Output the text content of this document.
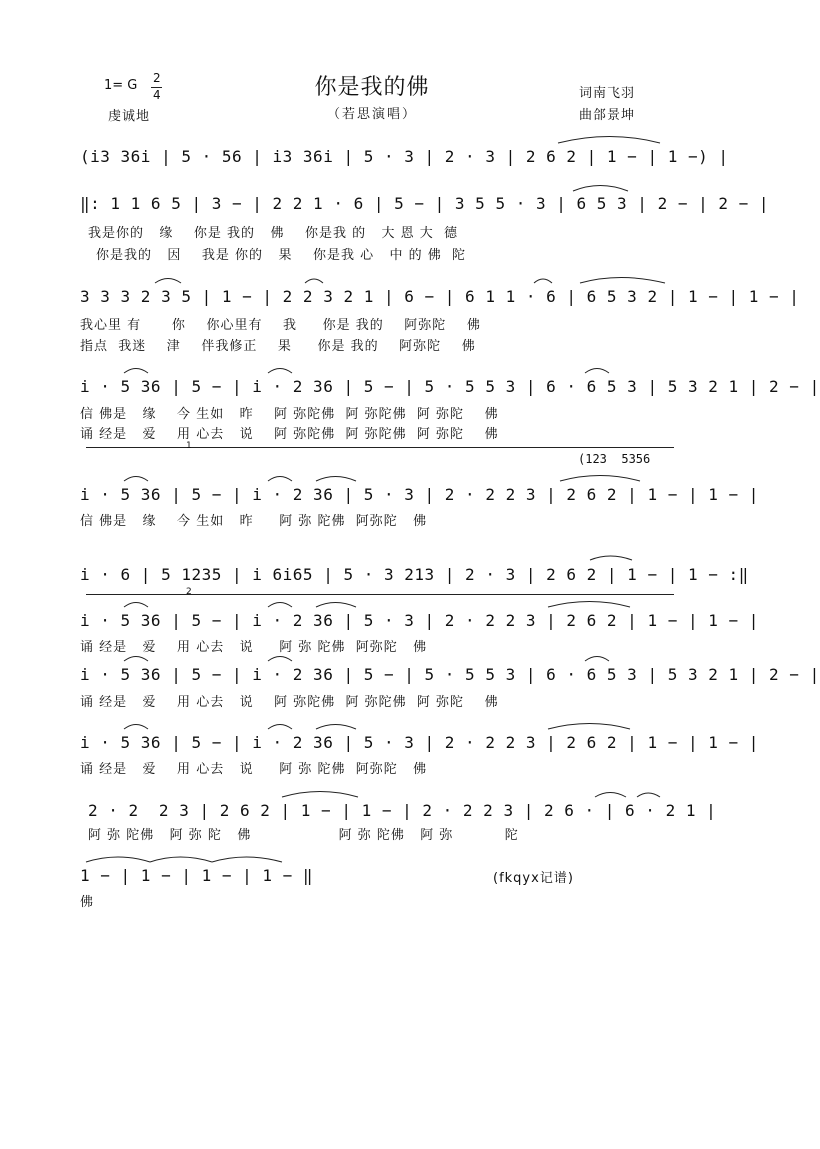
1= G 2
4	你是我的佛
（若思演唱）
词南飞羽
曲郃景坤
虔诚地
(i3 36i | 5 · 56 | i3 36i | 5 · 3 | 2 · 3 | 2 6 2 | 1 − | 1 −) |
‖: 1 1 6 5 | 3 − | 2 2 1 · 6 | 5 − | 3 5 5 · 3 | 6 5 3 | 2 − | 2 − |
我是你的   缘    你是 我的   佛    你是我 的   大 恩 大  德
你是我的   因    我是 你的   果    你是我 心   中 的 佛  陀
3 3 3 2 3 5 | 1 − | 2 2 3 2 1 | 6 − | 6 1 1 · 6 | 6 5 3 2 | 1 − | 1 − |
我心里 有      你    你心里有    我     你是 我的    阿弥陀    佛
指点  我迷    津    伴我修正    果     你是 我的    阿弥陀    佛
i · 5 36 | 5 − | i · 2 36 | 5 − | 5 · 5 5 3 | 6 · 6 5 3 | 5 3 2 1 | 2 − |
信 佛是   缘    今 生如   昨    阿 弥陀佛  阿 弥陀佛  阿 弥陀    佛
诵 经是   爱    用 心去   说    阿 弥陀佛  阿 弥陀佛  阿 弥陀    佛
1
(123  5356
i · 5 36 | 5 − | i · 2 36 | 5 · 3 | 2 · 2 2 3 | 2 6 2 | 1 − | 1 − |
信 佛是   缘    今 生如   昨     阿 弥 陀佛  阿弥陀   佛
i · 6 | 5 1235 | i 6i65 | 5 · 3 213 | 2 · 3 | 2 6 2 | 1 − | 1 − :‖
2
i · 5 36 | 5 − | i · 2 36 | 5 · 3 | 2 · 2 2 3 | 2 6 2 | 1 − | 1 − |
诵 经是   爱    用 心去   说     阿 弥 陀佛  阿弥陀   佛
i · 5 36 | 5 − | i · 2 36 | 5 − | 5 · 5 5 3 | 6 · 6 5 3 | 5 3 2 1 | 2 − |
诵 经是   爱    用 心去   说    阿 弥陀佛  阿 弥陀佛  阿 弥陀    佛
i · 5 36 | 5 − | i · 2 36 | 5 · 3 | 2 · 2 2 3 | 2 6 2 | 1 − | 1 − |
诵 经是   爱    用 心去   说     阿 弥 陀佛  阿弥陀   佛
2 · 2  2 3 | 2 6 2 | 1 − | 1 − | 2 · 2 2 3 | 2 6 · | 6 · 2 1 |
阿 弥 陀佛   阿 弥 陀   佛                 阿 弥 陀佛   阿 弥          陀
1 − | 1 − | 1 − | 1 − ‖
佛
(fkqyx记谱)
